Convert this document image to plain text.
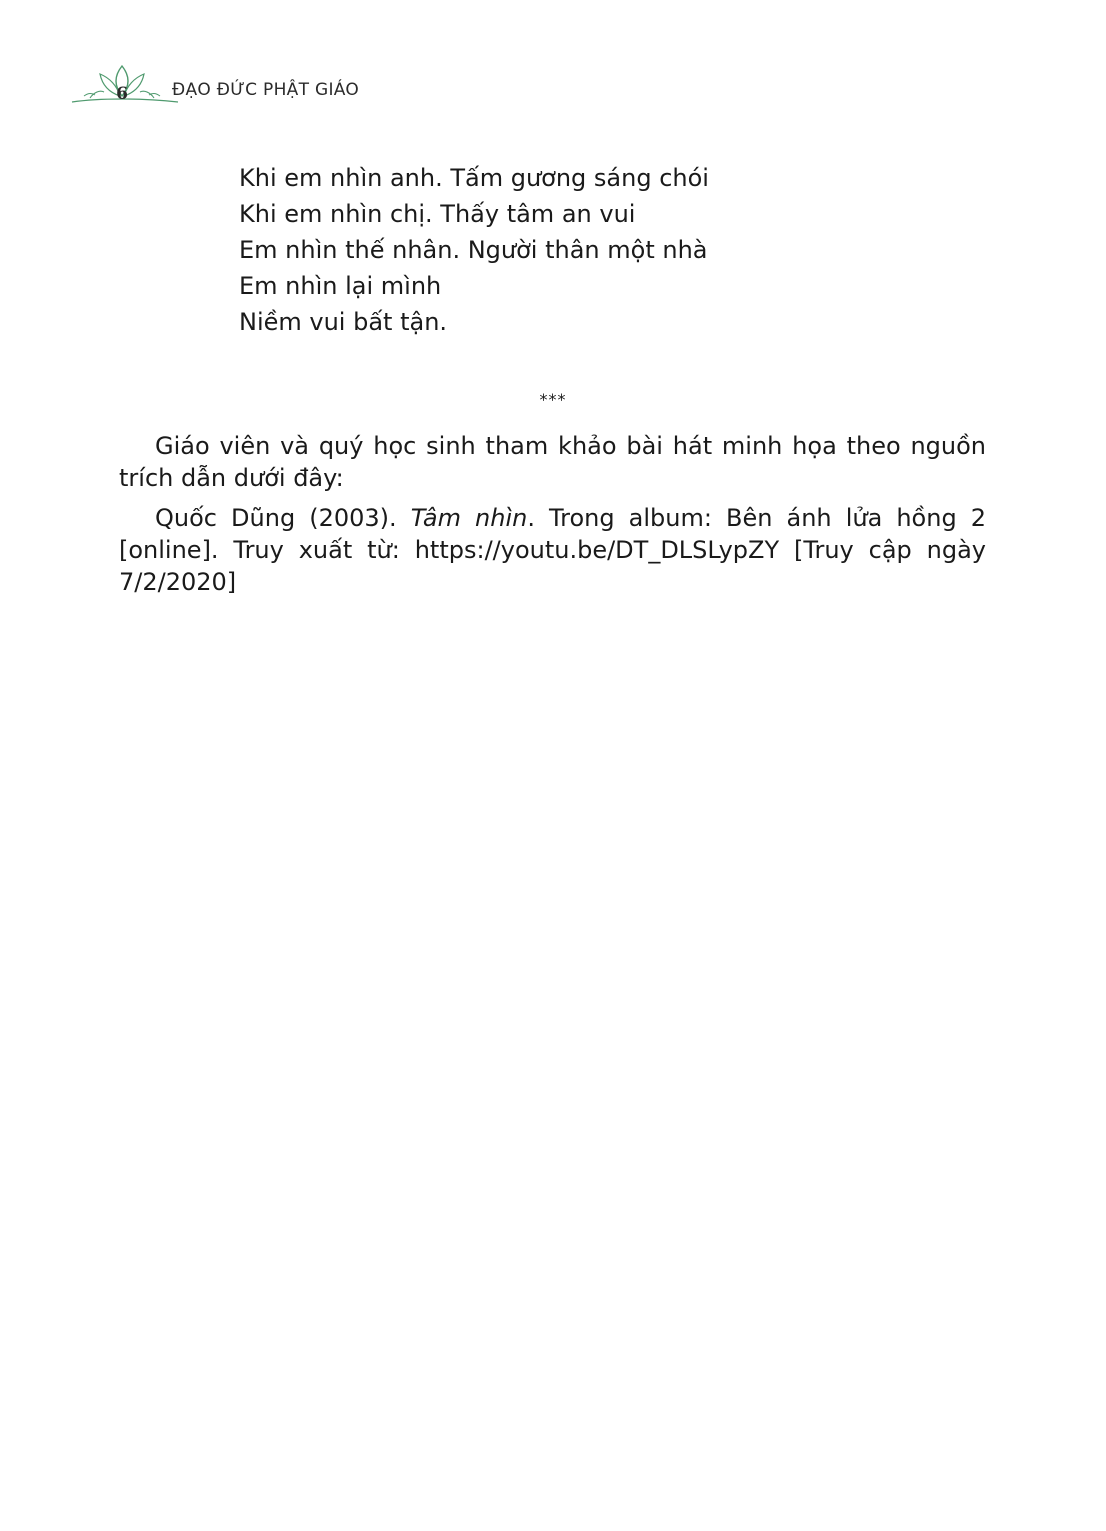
6	ĐẠO ĐỨC PHẬT GIÁO
Khi em nhìn anh. Tấm gương sáng chói
Khi em nhìn chị. Thấy tâm an vui
Em nhìn thế nhân. Người thân một nhà
Em nhìn lại mình
Niềm vui bất tận.
***

Giáo viên và quý học sinh tham khảo bài hát minh họa theo nguồn trích dẫn dưới đây:

Quốc Dũng (2003). Tâm nhìn. Trong album: Bên ánh lửa hồng 2 [online]. Truy xuất từ: https://youtu.be/DT_DLSLypZY [Truy cập ngày 7/2/2020]
